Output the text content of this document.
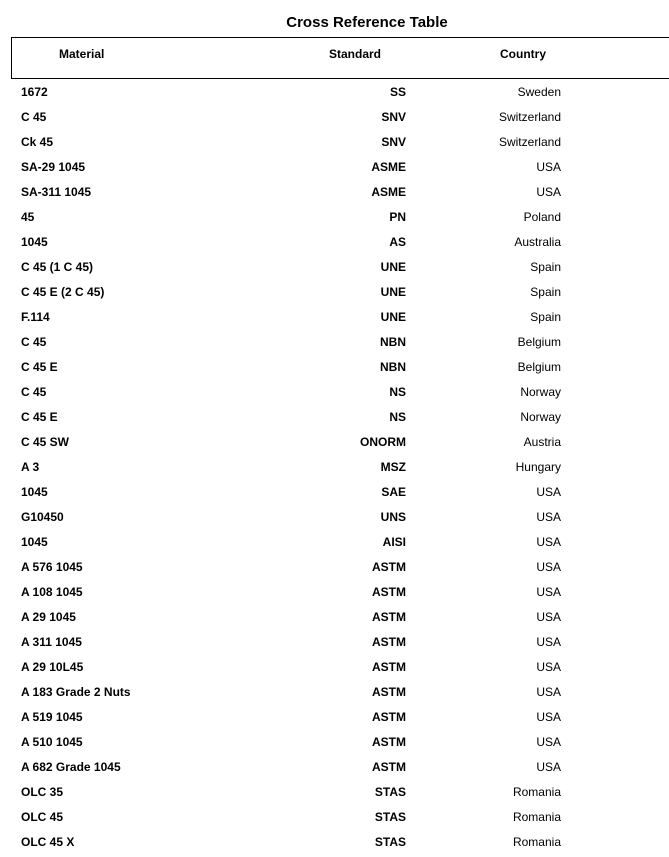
Cross Reference Table
Material	Standard	Country
1672	SS	Sweden
C 45	SNV	Switzerland
Ck 45	SNV	Switzerland
SA-29 1045	ASME	USA
SA-311 1045	ASME	USA
45	PN	Poland
1045	AS	Australia
C 45 (1 C 45)	UNE	Spain
C 45 E (2 C 45)	UNE	Spain
F.114	UNE	Spain
C 45	NBN	Belgium
C 45 E	NBN	Belgium
C 45	NS	Norway
C 45 E	NS	Norway
C 45 SW	ONORM	Austria
A 3	MSZ	Hungary
1045	SAE	USA
G10450	UNS	USA
1045	AISI	USA
A 576 1045	ASTM	USA
A 108 1045	ASTM	USA
A 29 1045	ASTM	USA
A 311 1045	ASTM	USA
A 29 10L45	ASTM	USA
A 183 Grade 2 Nuts	ASTM	USA
A 519 1045	ASTM	USA
A 510 1045	ASTM	USA
A 682 Grade 1045	ASTM	USA
OLC 35	STAS	Romania
OLC 45	STAS	Romania
OLC 45 X	STAS	Romania
